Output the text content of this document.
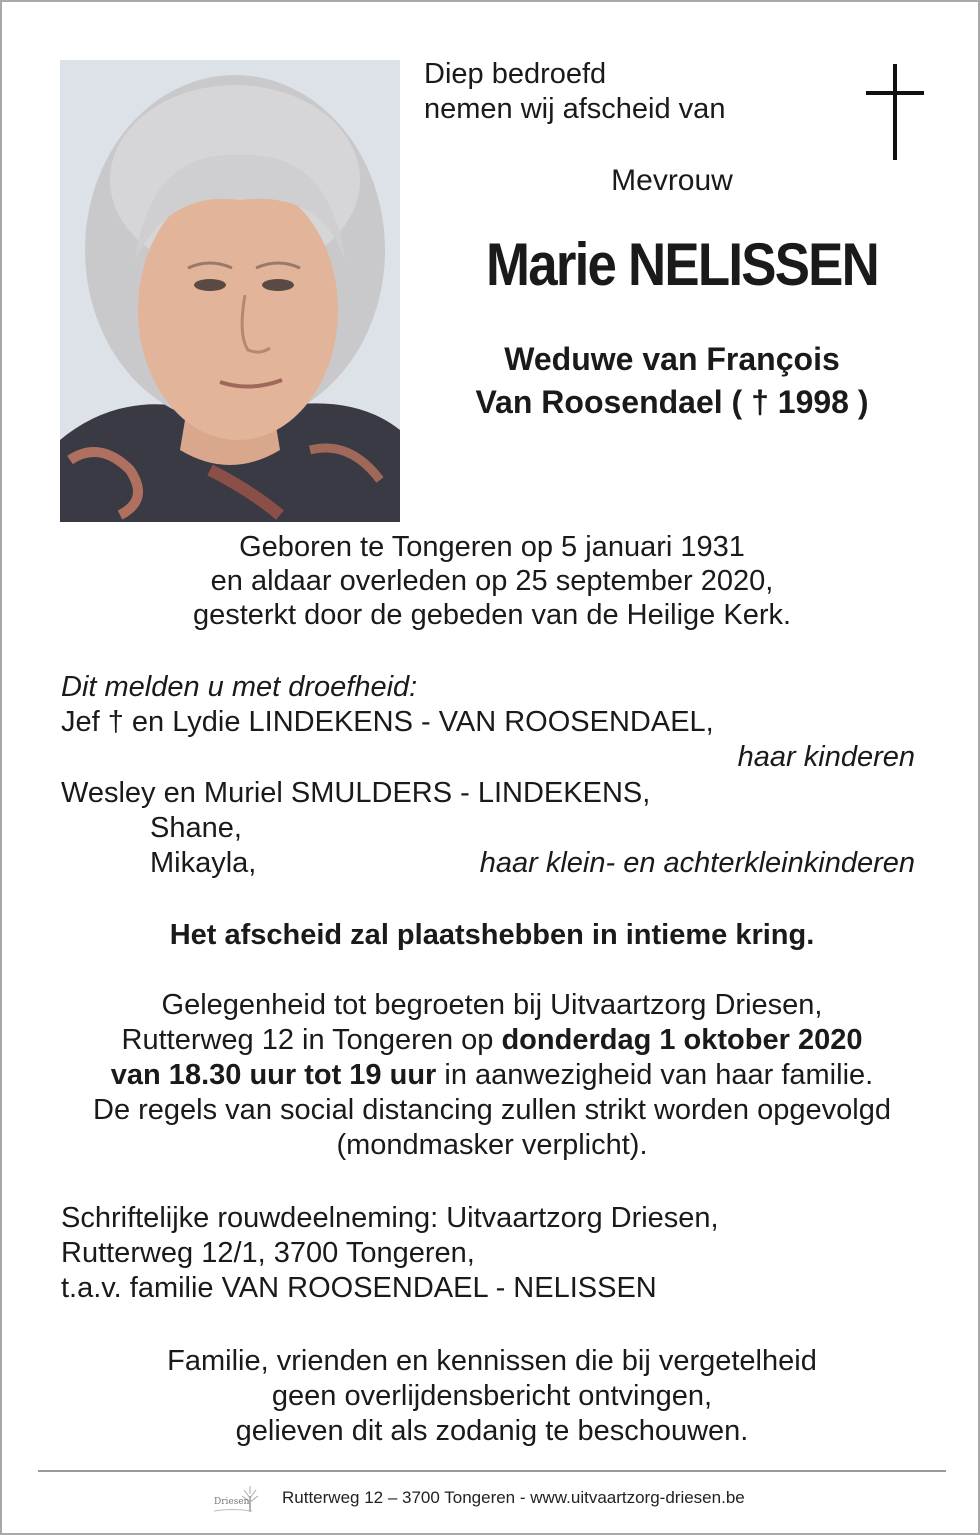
Diep bedroefd
nemen wij afscheid van
Mevrouw
Marie NELISSEN
Weduwe van François
Van Roosendael ( † 1998 )
Geboren te Tongeren op 5 januari 1931
en aldaar overleden op 25 september 2020,
gesterkt door de gebeden van de Heilige Kerk.
Dit melden u met droefheid:
Jef † en Lydie LINDEKENS - VAN ROOSENDAEL,
haar kinderen
Wesley en Muriel SMULDERS - LINDEKENS,
Shane,
Mikayla,	haar klein- en achterkleinkinderen
Het afscheid zal plaatshebben in intieme kring.
Gelegenheid tot begroeten bij Uitvaartzorg Driesen,
Rutterweg 12 in Tongeren op donderdag 1 oktober 2020
van 18.30 uur tot 19 uur in aanwezigheid van haar familie.
De regels van social distancing zullen strikt worden opgevolgd
(mondmasker verplicht).
Schriftelijke rouwdeelneming: Uitvaartzorg Driesen,
Rutterweg 12/1, 3700 Tongeren,
t.a.v. familie VAN ROOSENDAEL - NELISSEN
Familie, vrienden en kennissen die bij vergetelheid
geen overlijdensbericht ontvingen,
gelieven dit als zodanig te beschouwen.
Driesen Rutterweg 12 – 3700 Tongeren - www.uitvaartzorg-driesen.be
